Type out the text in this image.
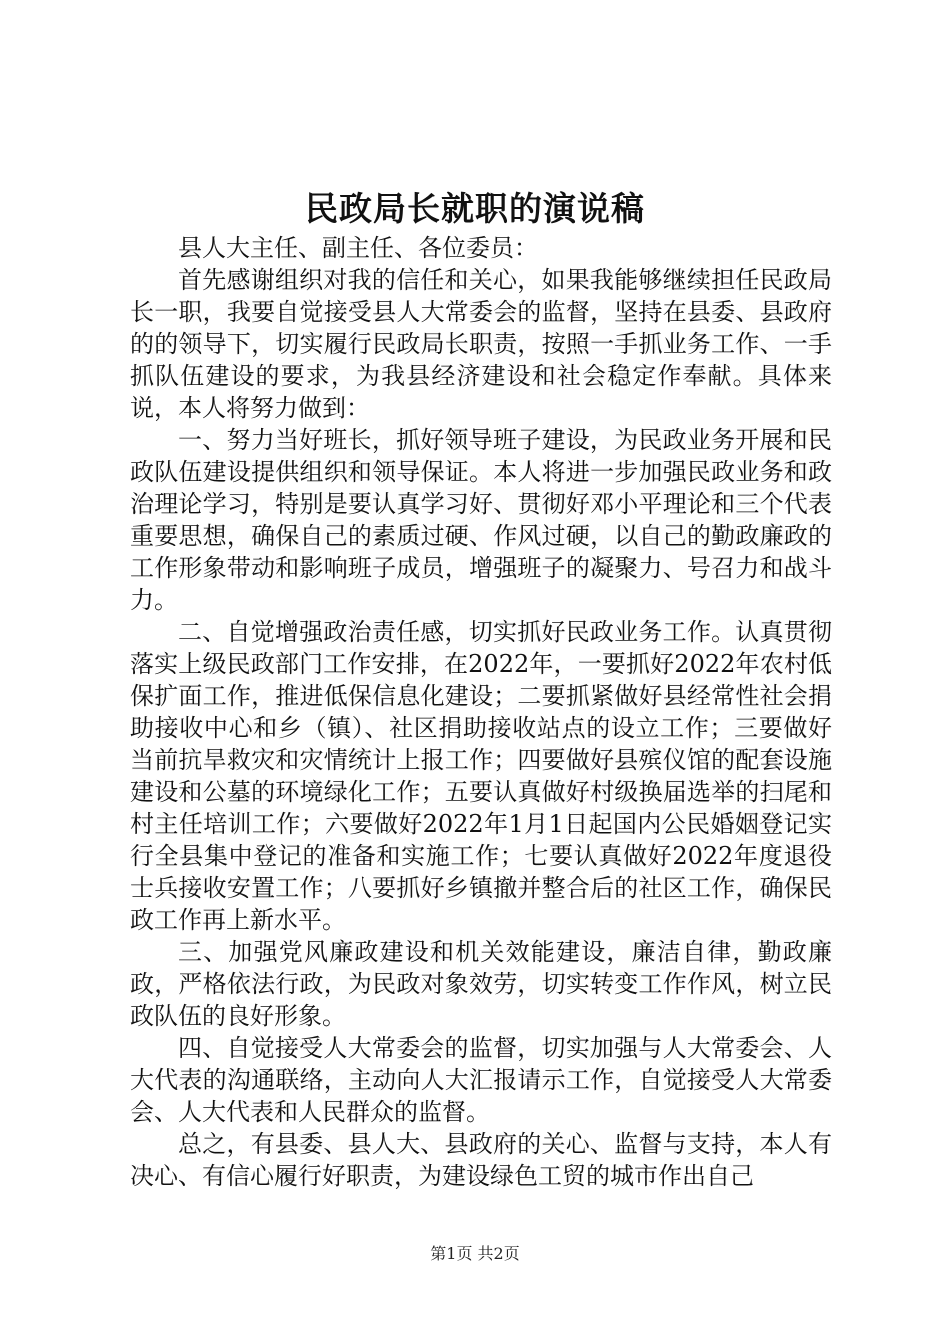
民政局长就职的演说稿

县人大主任、副主任、各位委员：

首先感谢组织对我的信任和关心，如果我能够继续担任民政局长一职，我要自觉接受县人大常委会的监督，坚持在县委、县政府的的领导下，切实履行民政局长职责，按照一手抓业务工作、一手抓队伍建设的要求，为我县经济建设和社会稳定作奉献。具体来说，本人将努力做到：

一、努力当好班长，抓好领导班子建设，为民政业务开展和民政队伍建设提供组织和领导保证。本人将进一步加强民政业务和政治理论学习，特别是要认真学习好、贯彻好邓小平理论和三个代表重要思想，确保自己的素质过硬、作风过硬，以自己的勤政廉政的工作形象带动和影响班子成员，增强班子的凝聚力、号召力和战斗力。

二、自觉增强政治责任感，切实抓好民政业务工作。认真贯彻落实上级民政部门工作安排，在2022年，一要抓好2022年农村低保扩面工作，推进低保信息化建设；二要抓紧做好县经常性社会捐助接收中心和乡（镇）、社区捐助接收站点的设立工作；三要做好当前抗旱救灾和灾情统计上报工作；四要做好县殡仪馆的配套设施建设和公墓的环境绿化工作；五要认真做好村级换届选举的扫尾和村主任培训工作；六要做好2022年1月1日起国内公民婚姻登记实行全县集中登记的准备和实施工作；七要认真做好2022年度退役士兵接收安置工作；八要抓好乡镇撤并整合后的社区工作，确保民政工作再上新水平。

三、加强党风廉政建设和机关效能建设，廉洁自律，勤政廉政，严格依法行政，为民政对象效劳，切实转变工作作风，树立民政队伍的良好形象。

四、自觉接受人大常委会的监督，切实加强与人大常委会、人大代表的沟通联络，主动向人大汇报请示工作，自觉接受人大常委会、人大代表和人民群众的监督。

总之，有县委、县人大、县政府的关心、监督与支持，本人有决心、有信心履行好职责，为建设绿色工贸的城市作出自己

第1页 共2页
